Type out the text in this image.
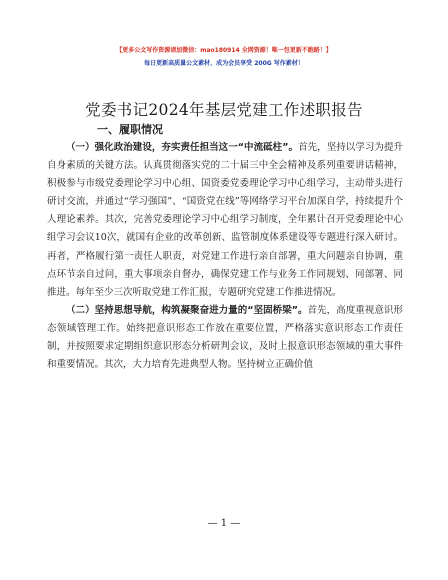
【更多公文写作资源请加微信：mao180914 全网资源！唯一包更新不跑路！】
每日更新高质量公文素材，成为会员享受 200G 写作素材！
党委书记2024年基层党建工作述职报告
一、履职情况

（一）强化政治建设，夯实责任担当这一“中流砥柱”。首先，坚持以学习为提升自身素质的关键方法。认真贯彻落实党的二十届三中全会精神及系列重要讲话精神，积极参与市级党委理论学习中心组、国资委党委理论学习中心组学习，主动带头进行研讨交流，并通过“学习强国”、“国资党在线”等网络学习平台加深自学，持续提升个人理论素养。其次，完善党委理论学习中心组学习制度，全年累计召开党委理论中心组学习会议10次，就国有企业的改革创新、监管制度体系建设等专题进行深入研讨。再者，严格履行第一责任人职责，对党建工作进行亲自部署，重大问题亲自协调，重点环节亲自过问，重大事项亲自督办，确保党建工作与业务工作同规划、同部署、同推进。每年至少三次听取党建工作汇报，专题研究党建工作推进情况。

（二）坚持思想导航，构筑凝聚奋进力量的“坚固桥梁”。首先，高度重视意识形态领域管理工作。始终把意识形态工作放在重要位置，严格落实意识形态工作责任制，并按照要求定期组织意识形态分析研判会议，及时上报意识形态领域的重大事件和重要情况。其次，大力培育先进典型人物。坚持树立正确价值

— 1 —
